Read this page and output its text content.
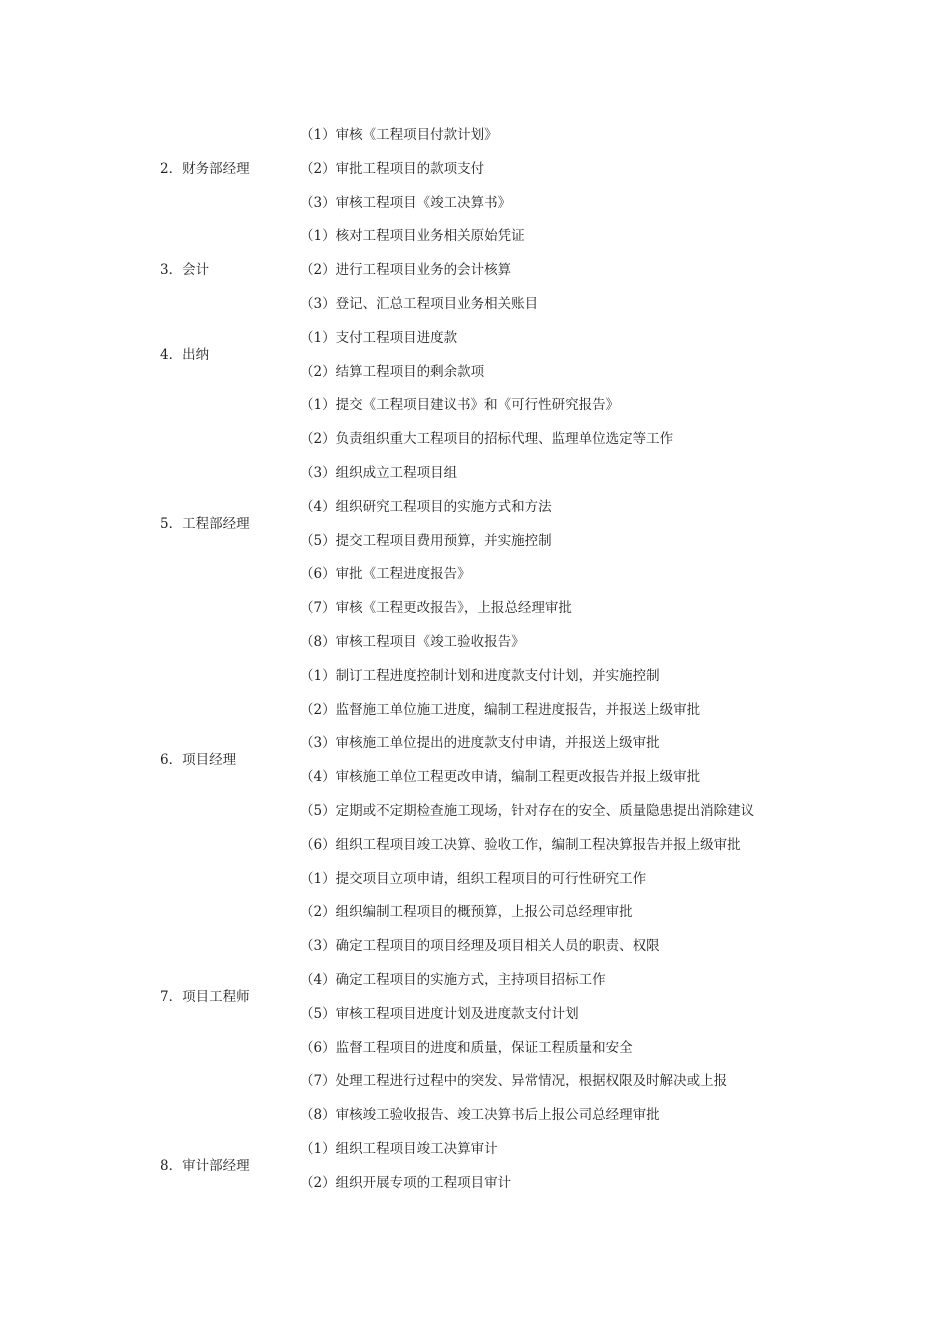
2．财务部经理	（1）审核《工程项目付款计划》
	（2）审批工程项目的款项支付
	（3）审核工程项目《竣工决算书》
3．会计	（1）核对工程项目业务相关原始凭证
	（2）进行工程项目业务的会计核算
	（3）登记、汇总工程项目业务相关账目
4．出纳	（1）支付工程项目进度款
	（2）结算工程项目的剩余款项
5．工程部经理	（1）提交《工程项目建议书》和《可行性研究报告》
	（2）负责组织重大工程项目的招标代理、监理单位选定等工作
	（3）组织成立工程项目组
	（4）组织研究工程项目的实施方式和方法
	（5）提交工程项目费用预算，并实施控制
	（6）审批《工程进度报告》
	（7）审核《工程更改报告》，上报总经理审批
	（8）审核工程项目《竣工验收报告》
6．项目经理	（1）制订工程进度控制计划和进度款支付计划，并实施控制
	（2）监督施工单位施工进度，编制工程进度报告，并报送上级审批
	（3）审核施工单位提出的进度款支付申请，并报送上级审批
	（4）审核施工单位工程更改申请，编制工程更改报告并报上级审批
	（5）定期或不定期检查施工现场，针对存在的安全、质量隐患提出消除建议
	（6）组织工程项目竣工决算、验收工作，编制工程决算报告并报上级审批
7．项目工程师	（1）提交项目立项申请，组织工程项目的可行性研究工作
	（2）组织编制工程项目的概预算，上报公司总经理审批
	（3）确定工程项目的项目经理及项目相关人员的职责、权限
	（4）确定工程项目的实施方式，主持项目招标工作
	（5）审核工程项目进度计划及进度款支付计划
	（6）监督工程项目的进度和质量，保证工程质量和安全
	（7）处理工程进行过程中的突发、异常情况，根据权限及时解决或上报
	（8）审核竣工验收报告、竣工决算书后上报公司总经理审批
8．审计部经理	（1）组织工程项目竣工决算审计
	（2）组织开展专项的工程项目审计
